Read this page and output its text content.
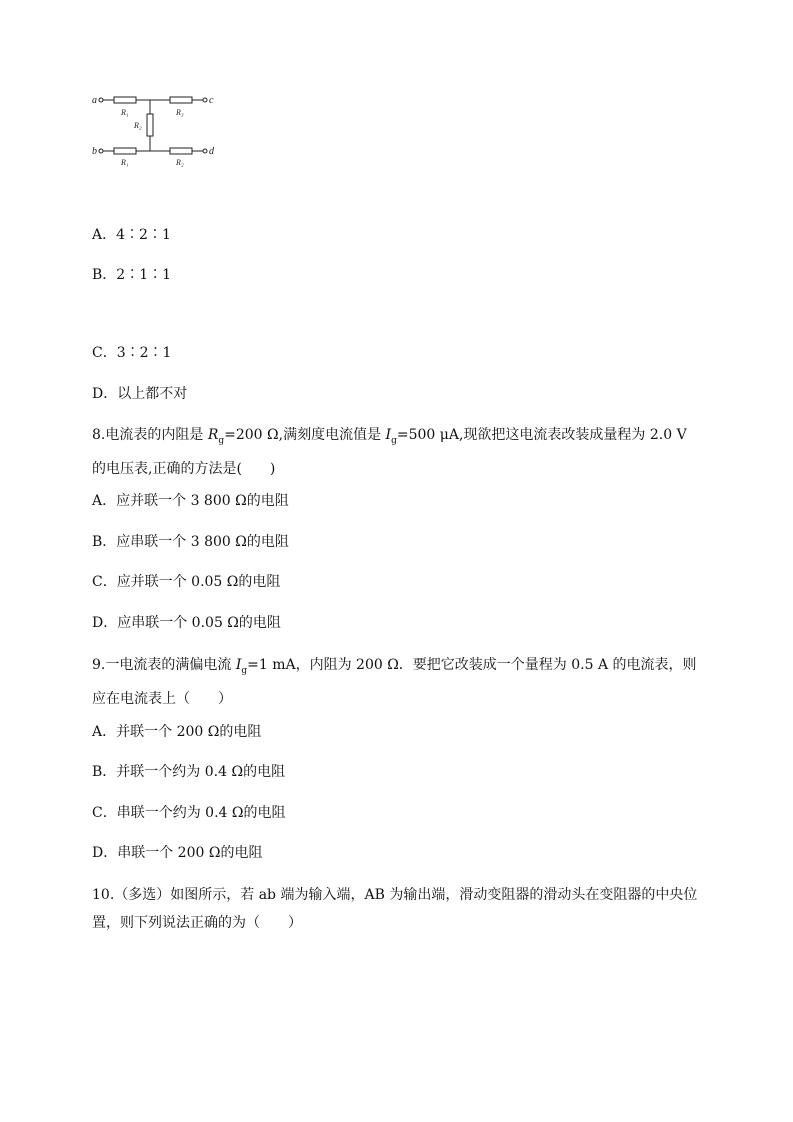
a
b
c
d
R₁	R₃
R₂
R₁	R₂
A．4∶2∶1
B．2∶1∶1
C．3∶2∶1
D．以上都不对
8.电流表的内阻是 $R_g=200$ Ω,满刻度电流值是 $I_g=500$ μA,现欲把这电流表改装成量程为 2.0 V 的电压表,正确的方法是(　　)
A．应并联一个 3 800 Ω的电阻
B．应串联一个 3 800 Ω的电阻
C．应并联一个 0.05 Ω的电阻
D．应串联一个 0.05 Ω的电阻
9.一电流表的满偏电流 $I_g=1$ mA，内阻为 200 Ω．要把它改装成一个量程为 0.5 A 的电流表，则应在电流表上（　　）
A．并联一个 200 Ω的电阻
B．并联一个约为 0.4 Ω的电阻
C．串联一个约为 0.4 Ω的电阻
D．串联一个 200 Ω的电阻
10.（多选）如图所示，若 ab 端为输入端，AB 为输出端，滑动变阻器的滑动头在变阻器的中央位置，则下列说法正确的为（　　）
